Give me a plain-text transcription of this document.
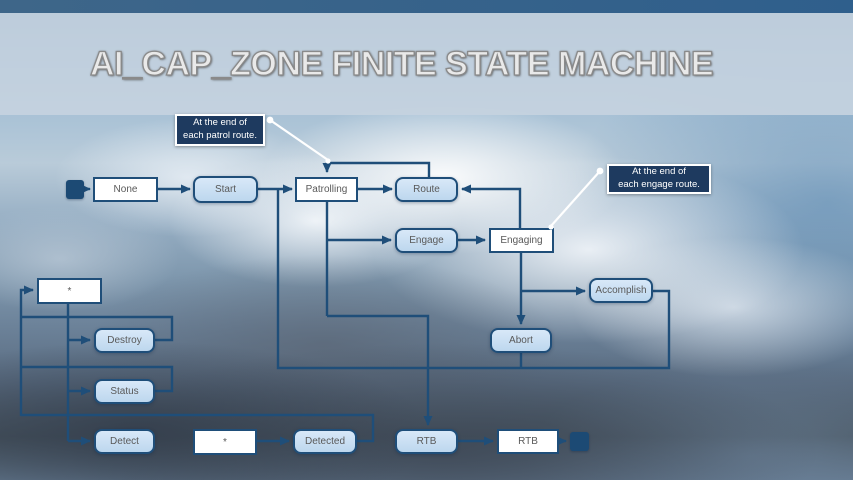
AI_CAP_ZONE FINITE STATE MACHINE
None	Start	Patrolling	Route
Engage	Engaging
Accomplish
Abort
*
Destroy
Status
Detect	*	Detected	RTB	RTB
At the end of
each patrol route.
At the end of
each engage route.
